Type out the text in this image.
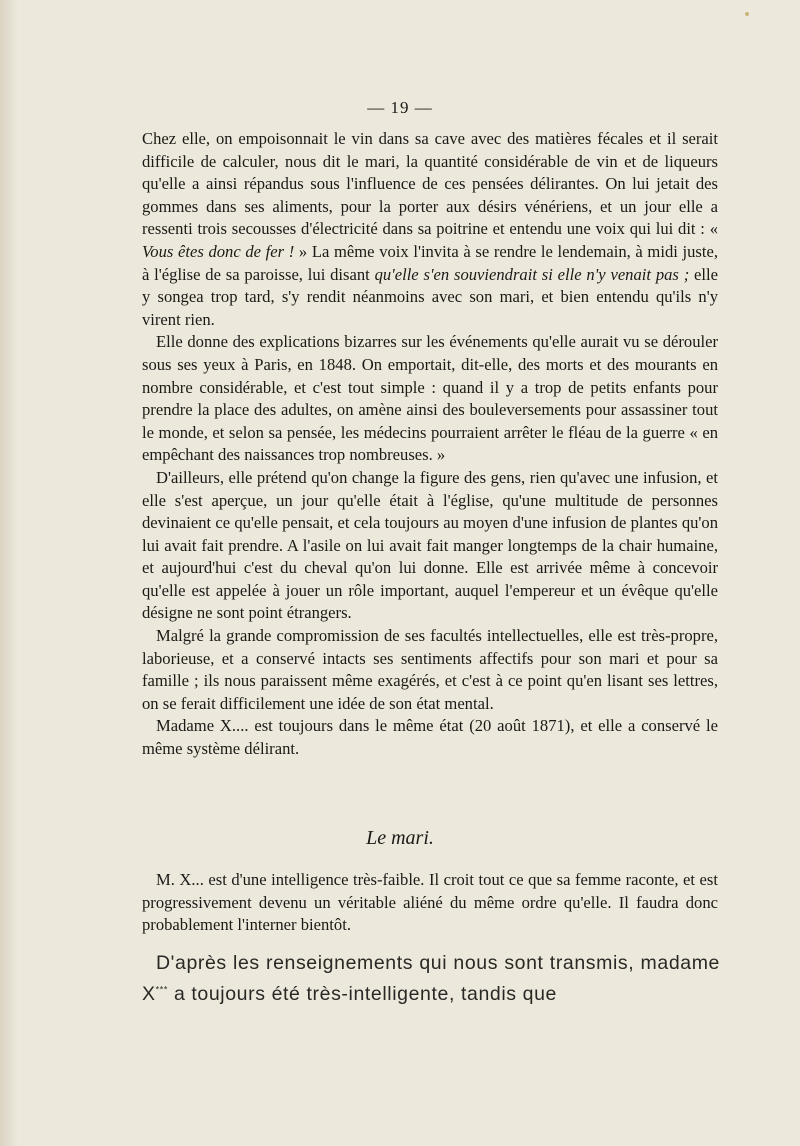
— 19 —

Chez elle, on empoisonnait le vin dans sa cave avec des matières fécales et il serait difficile de calculer, nous dit le mari, la quantité considérable de vin et de liqueurs qu'elle a ainsi répandus sous l'influence de ces pensées délirantes. On lui jetait des gommes dans ses aliments, pour la porter aux désirs vénériens, et un jour elle a ressenti trois secousses d'électricité dans sa poitrine et entendu une voix qui lui dit : « Vous êtes donc de fer ! » La même voix l'invita à se rendre le lendemain, à midi juste, à l'église de sa paroisse, lui disant qu'elle s'en souviendrait si elle n'y venait pas ; elle y songea trop tard, s'y rendit néanmoins avec son mari, et bien entendu qu'ils n'y virent rien.

Elle donne des explications bizarres sur les événements qu'elle aurait vu se dérouler sous ses yeux à Paris, en 1848. On emportait, dit-elle, des morts et des mourants en nombre considérable, et c'est tout simple : quand il y a trop de petits enfants pour prendre la place des adultes, on amène ainsi des bouleversements pour assassiner tout le monde, et selon sa pensée, les médecins pourraient arrêter le fléau de la guerre « en empêchant des naissances trop nombreuses. »

D'ailleurs, elle prétend qu'on change la figure des gens, rien qu'avec une infusion, et elle s'est aperçue, un jour qu'elle était à l'église, qu'une multitude de personnes devinaient ce qu'elle pensait, et cela toujours au moyen d'une infusion de plantes qu'on lui avait fait prendre. A l'asile on lui avait fait manger longtemps de la chair humaine, et aujourd'hui c'est du cheval qu'on lui donne. Elle est arrivée même à concevoir qu'elle est appelée à jouer un rôle important, auquel l'empereur et un évêque qu'elle désigne ne sont point étrangers.

Malgré la grande compromission de ses facultés intellectuelles, elle est très-propre, laborieuse, et a conservé intacts ses sentiments affectifs pour son mari et pour sa famille ; ils nous paraissent même exagérés, et c'est à ce point qu'en lisant ses lettres, on se ferait difficilement une idée de son état mental.

Madame X.... est toujours dans le même état (20 août 1871), et elle a conservé le même système délirant.

Le mari.

M. X... est d'une intelligence très-faible. Il croit tout ce que sa femme raconte, et est progressivement devenu un véritable aliéné du même ordre qu'elle. Il faudra donc probablement l'interner bientôt.

D'après les renseignements qui nous sont transmis, madame X*** a toujours été très-intelligente, tandis que
